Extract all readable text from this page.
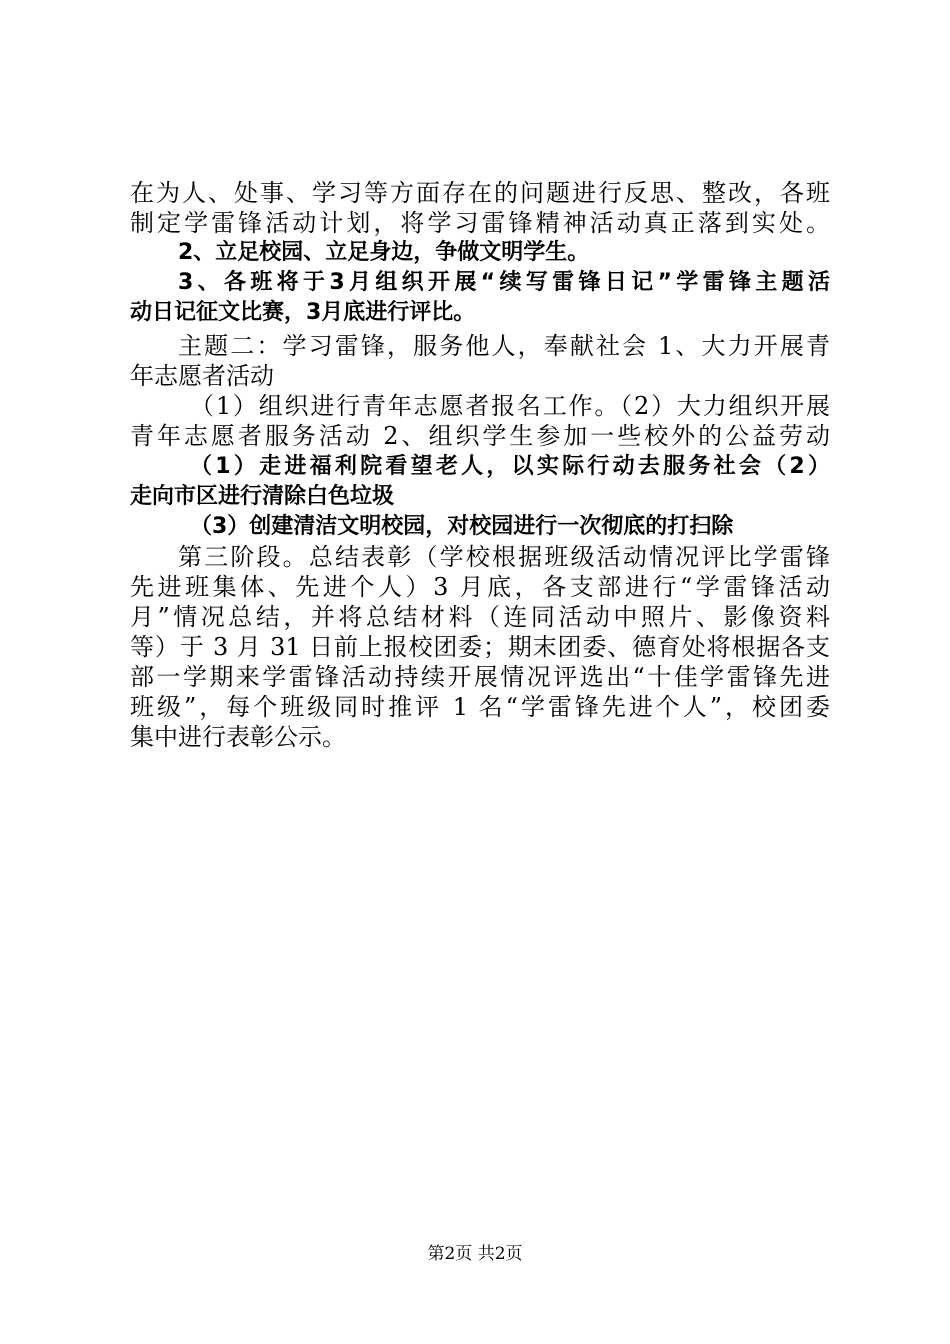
在为人、处事、学习等方面存在的问题进行反思、整改，各班
制定学雷锋活动计划，将学习雷锋精神活动真正落到实处。
2、立足校园、立足身边，争做文明学生。
3、各班将于3月组织开展“续写雷锋日记”学雷锋主题活
动日记征文比赛，3月底进行评比。
主题二：学习雷锋，服务他人，奉献社会 1、大力开展青
年志愿者活动
（1）组织进行青年志愿者报名工作。（2）大力组织开展
青年志愿者服务活动 2、组织学生参加一些校外的公益劳动
（1）走进福利院看望老人，以实际行动去服务社会（2）
走向市区进行清除白色垃圾
（3）创建清洁文明校园，对校园进行一次彻底的打扫除
第三阶段。总结表彰（学校根据班级活动情况评比学雷锋
先进班集体、先进个人）3 月底，各支部进行“学雷锋活动
月”情况总结，并将总结材料（连同活动中照片、影像资料
等）于 3 月 31 日前上报校团委；期末团委、德育处将根据各支
部一学期来学雷锋活动持续开展情况评选出“十佳学雷锋先进
班级”，每个班级同时推评 1 名“学雷锋先进个人”，校团委
集中进行表彰公示。
第2页 共2页
